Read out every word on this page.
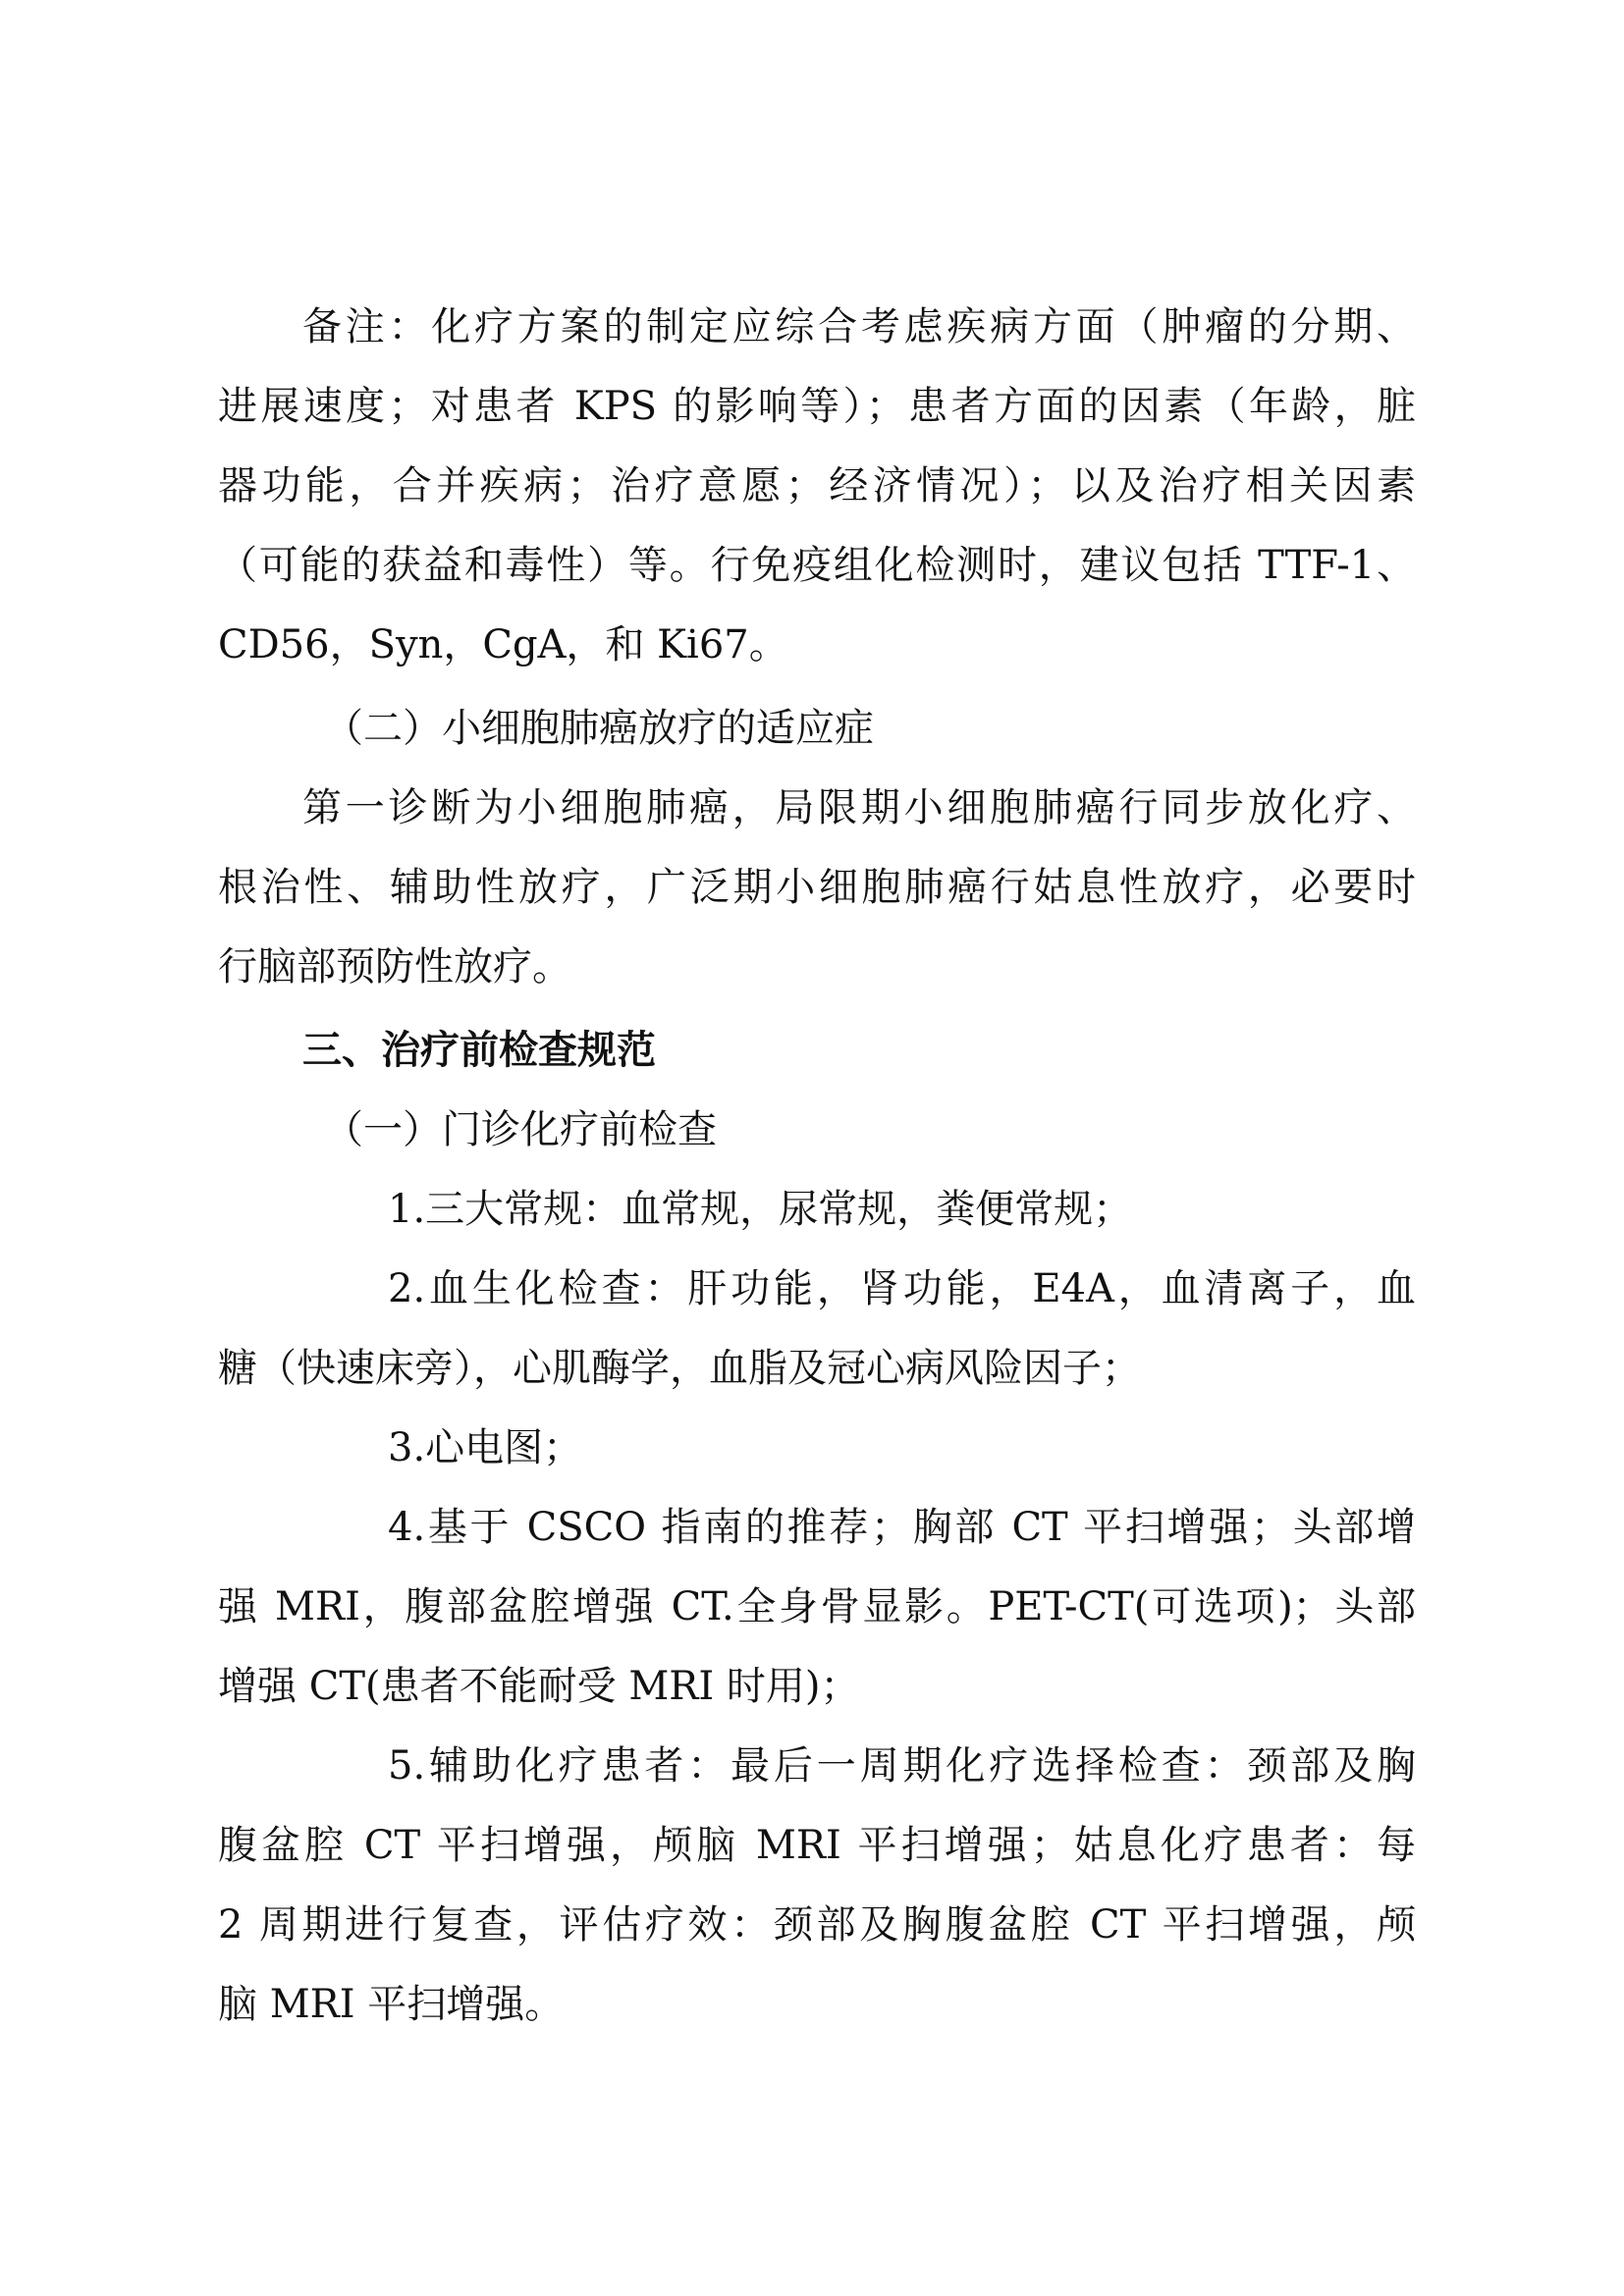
备注：化疗方案的制定应综合考虑疾病方面（肿瘤的分期、
进展速度；对患者 KPS 的影响等）；患者方面的因素（年龄，脏
器功能，合并疾病；治疗意愿；经济情况）；以及治疗相关因素
（可能的获益和毒性）等。行免疫组化检测时，建议包括 TTF-1、
CD56，Syn，CgA，和 Ki67。
（二）小细胞肺癌放疗的适应症
第一诊断为小细胞肺癌，局限期小细胞肺癌行同步放化疗、
根治性、辅助性放疗，广泛期小细胞肺癌行姑息性放疗，必要时
行脑部预防性放疗。
三、治疗前检查规范
（一）门诊化疗前检查
1.三大常规：血常规，尿常规，粪便常规；
2.血生化检查：肝功能，肾功能，E4A，血清离子，血
糖（快速床旁），心肌酶学，血脂及冠心病风险因子；
3.心电图；
4.基于 CSCO 指南的推荐；胸部 CT 平扫增强；头部增
强 MRI，腹部盆腔增强 CT.全身骨显影。PET-CT(可选项)；头部
增强 CT(患者不能耐受 MRI 时用)；
5.辅助化疗患者：最后一周期化疗选择检查：颈部及胸
腹盆腔 CT 平扫增强，颅脑 MRI 平扫增强；姑息化疗患者：每
2 周期进行复查，评估疗效：颈部及胸腹盆腔 CT 平扫增强，颅
脑 MRI 平扫增强。
